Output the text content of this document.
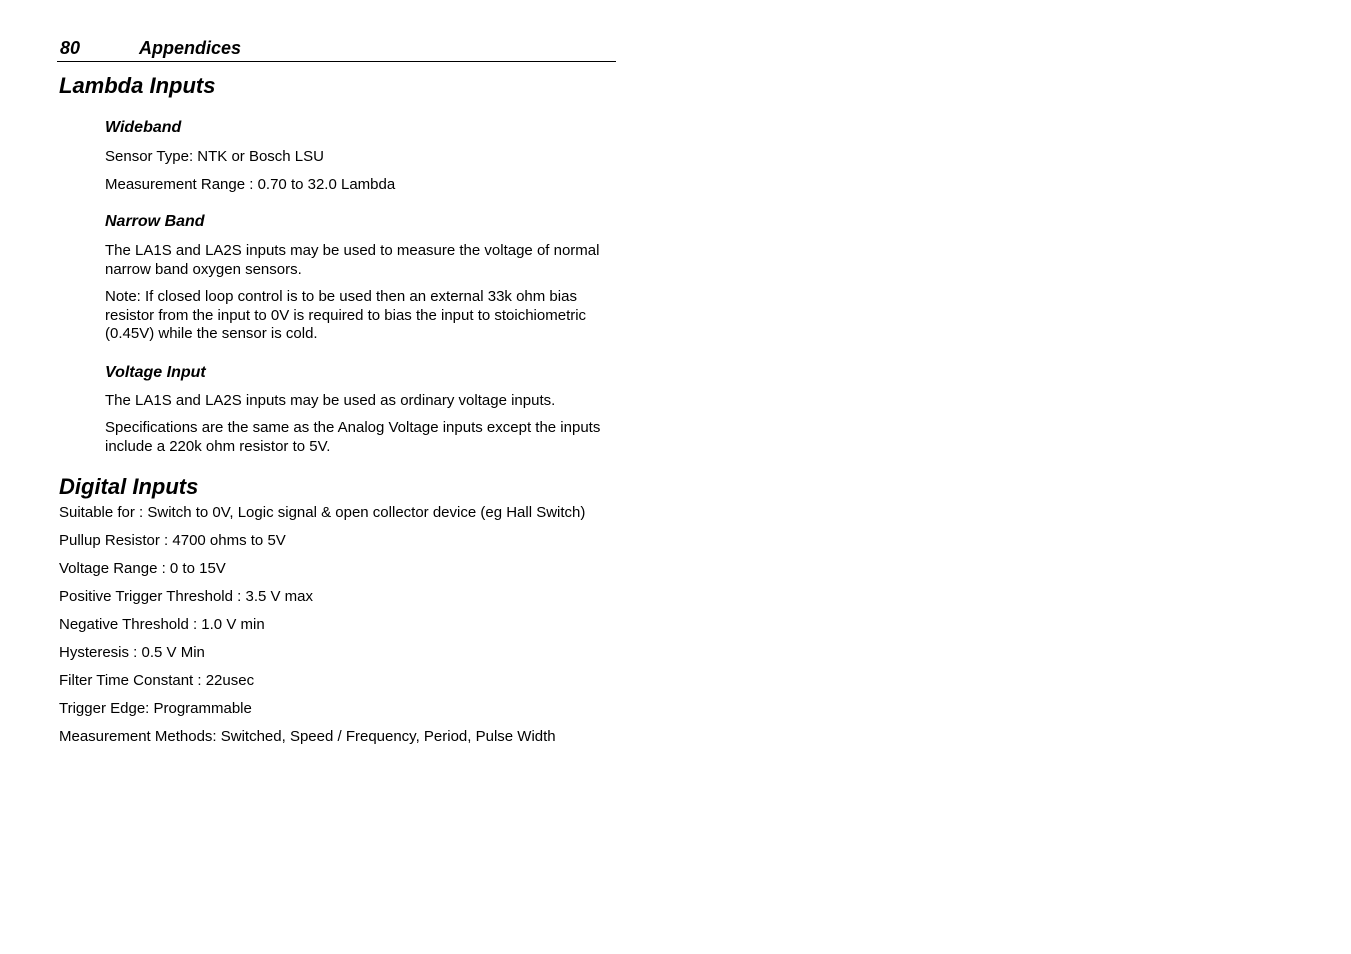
80	Appendices
Lambda Inputs
Wideband

Sensor Type: NTK or Bosch LSU

Measurement Range : 0.70 to 32.0 Lambda

Narrow Band

The LA1S and LA2S inputs may be used to measure the voltage of normal narrow band oxygen sensors.

Note: If closed loop control is to be used then an external 33k ohm bias resistor from the input to 0V is required to bias the input to stoichiometric (0.45V) while the sensor is cold.

Voltage Input

The LA1S and LA2S inputs may be used as ordinary voltage inputs.

Specifications are the same as the Analog Voltage inputs except the inputs include a 220k ohm resistor to 5V.

Digital Inputs

Suitable for : Switch to 0V, Logic signal & open collector device (eg Hall Switch)

Pullup Resistor : 4700 ohms to 5V

Voltage Range : 0 to 15V

Positive Trigger Threshold : 3.5 V max

Negative Threshold : 1.0 V min

Hysteresis : 0.5 V Min

Filter Time Constant : 22usec

Trigger Edge: Programmable

Measurement Methods: Switched, Speed / Frequency, Period, Pulse Width
